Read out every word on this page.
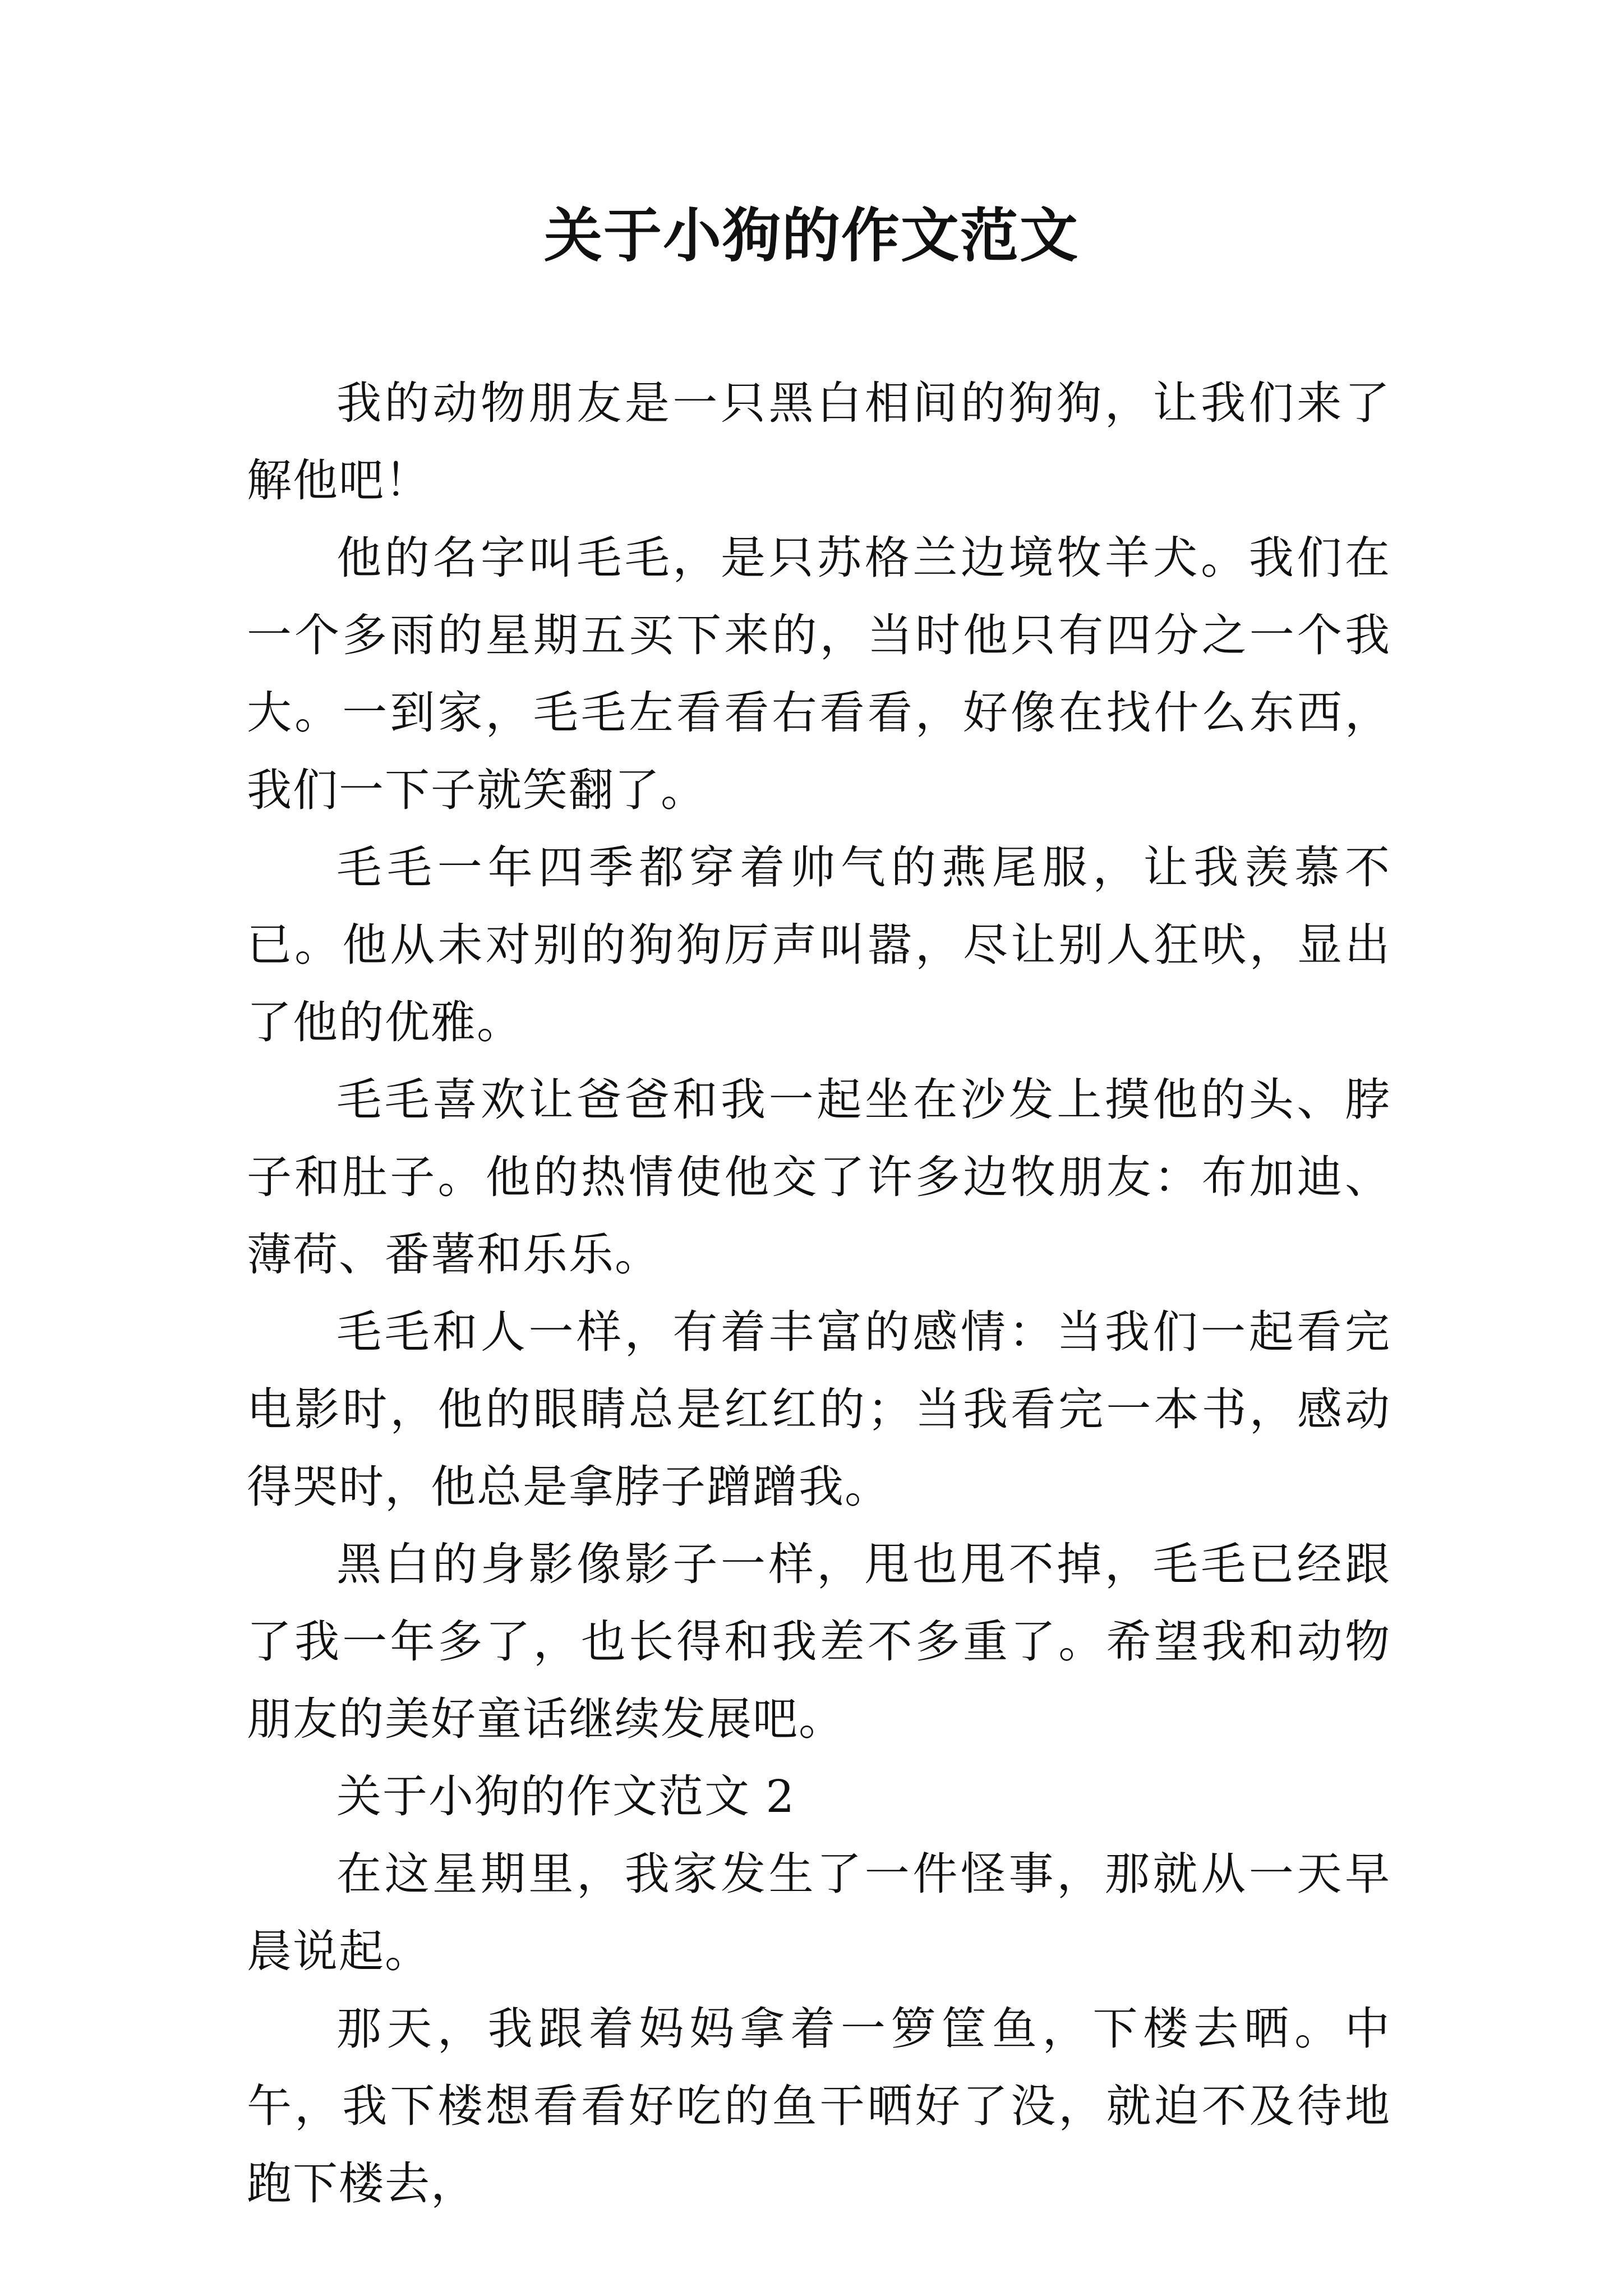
关于小狗的作文范文

我的动物朋友是一只黑白相间的狗狗，让我们来了解他吧！

他的名字叫毛毛，是只苏格兰边境牧羊犬。我们在一个多雨的星期五买下来的，当时他只有四分之一个我大。一到家，毛毛左看看右看看，好像在找什么东西，我们一下子就笑翻了。

毛毛一年四季都穿着帅气的燕尾服，让我羡慕不已。他从未对别的狗狗厉声叫嚣，尽让别人狂吠，显出了他的优雅。

毛毛喜欢让爸爸和我一起坐在沙发上摸他的头、脖子和肚子。他的热情使他交了许多边牧朋友：布加迪、薄荷、番薯和乐乐。

毛毛和人一样，有着丰富的感情：当我们一起看完电影时，他的眼睛总是红红的；当我看完一本书，感动得哭时，他总是拿脖子蹭蹭我。

黑白的身影像影子一样，甩也甩不掉，毛毛已经跟了我一年多了，也长得和我差不多重了。希望我和动物朋友的美好童话继续发展吧。

关于小狗的作文范文 2

在这星期里，我家发生了一件怪事，那就从一天早晨说起。

那天，我跟着妈妈拿着一箩筐鱼，下楼去晒。中午，我下楼想看看好吃的鱼干晒好了没，就迫不及待地跑下楼去，
